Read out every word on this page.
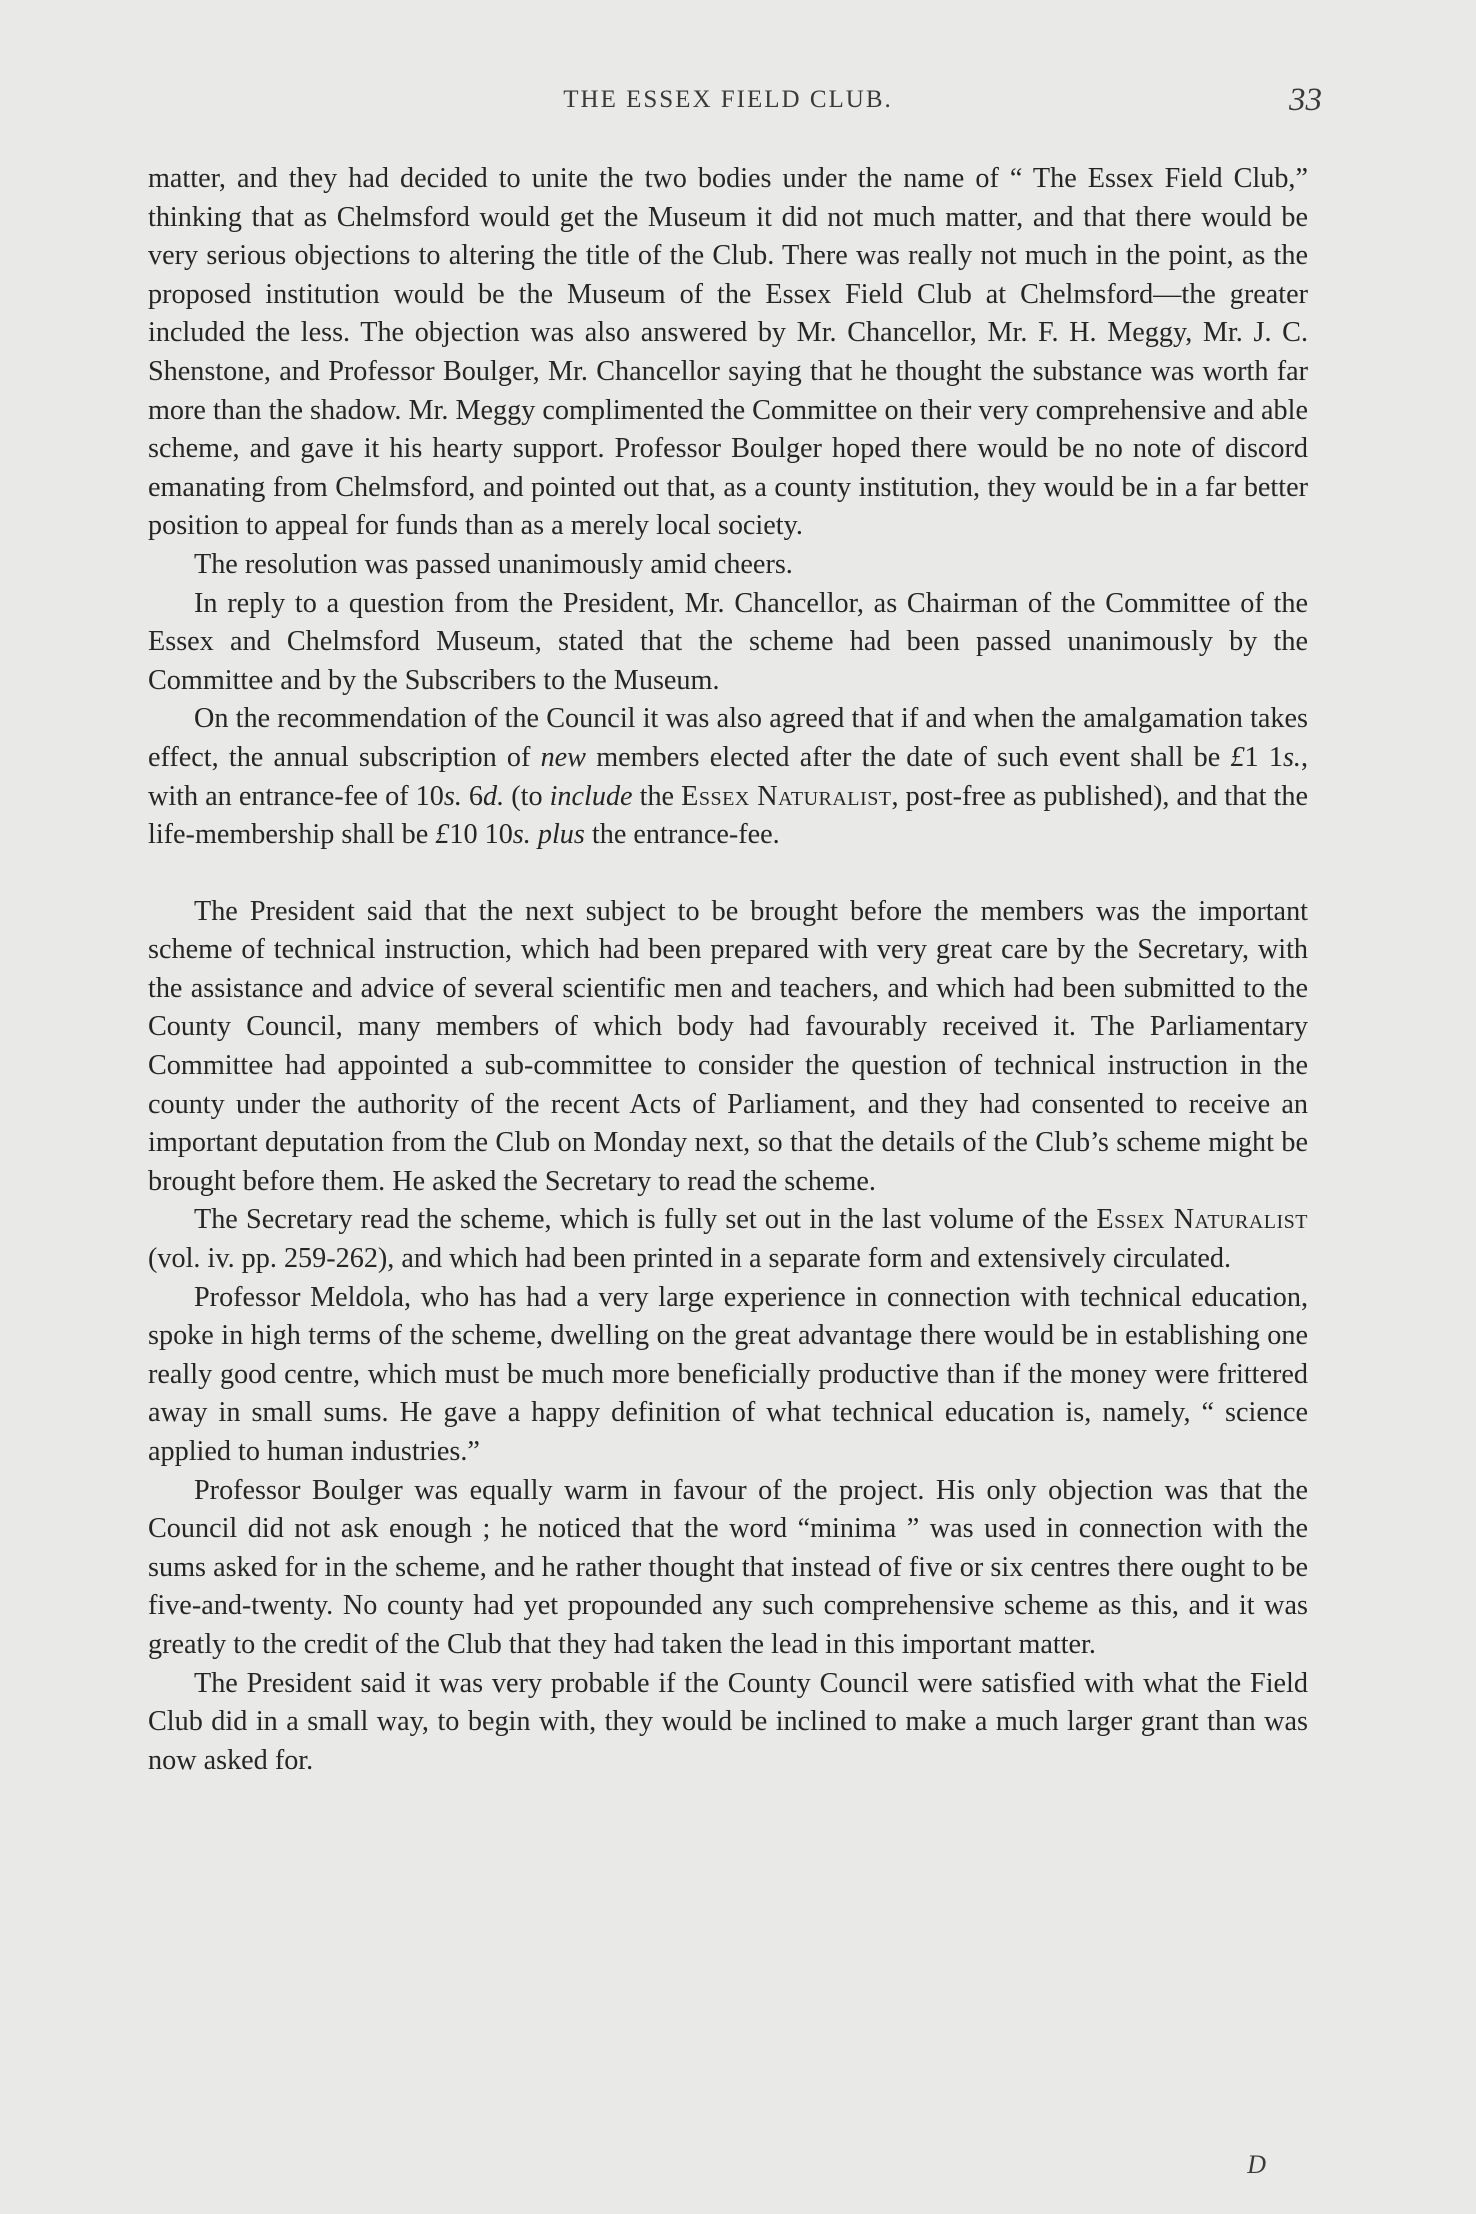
THE ESSEX FIELD CLUB.	33

matter, and they had decided to unite the two bodies under the name of “ The Essex Field Club,” thinking that as Chelmsford would get the Museum it did not much matter, and that there would be very serious objections to altering the title of the Club. There was really not much in the point, as the proposed institution would be the Museum of the Essex Field Club at Chelmsford—the greater included the less. The objection was also answered by Mr. Chancellor, Mr. F. H. Meggy, Mr. J. C. Shenstone, and Professor Boulger, Mr. Chancellor saying that he thought the substance was worth far more than the shadow. Mr. Meggy complimented the Committee on their very comprehensive and able scheme, and gave it his hearty support. Professor Boulger hoped there would be no note of discord emanating from Chelmsford, and pointed out that, as a county institution, they would be in a far better position to appeal for funds than as a merely local society.

The resolution was passed unanimously amid cheers.

In reply to a question from the President, Mr. Chancellor, as Chairman of the Committee of the Essex and Chelmsford Museum, stated that the scheme had been passed unanimously by the Committee and by the Subscribers to the Museum.

On the recommendation of the Council it was also agreed that if and when the amalgamation takes effect, the annual subscription of new members elected after the date of such event shall be £1 1s., with an entrance-fee of 10s. 6d. (to include the Essex Naturalist, post-free as published), and that the life-membership shall be £10 10s. plus the entrance-fee.

The President said that the next subject to be brought before the members was the important scheme of technical instruction, which had been prepared with very great care by the Secretary, with the assistance and advice of several scientific men and teachers, and which had been submitted to the County Council, many members of which body had favourably received it. The Parliamentary Committee had appointed a sub-committee to consider the question of technical instruction in the county under the authority of the recent Acts of Parliament, and they had consented to receive an important deputation from the Club on Monday next, so that the details of the Club’s scheme might be brought before them. He asked the Secretary to read the scheme.

The Secretary read the scheme, which is fully set out in the last volume of the Essex Naturalist (vol. iv. pp. 259-262), and which had been printed in a separate form and extensively circulated.

Professor Meldola, who has had a very large experience in connection with technical education, spoke in high terms of the scheme, dwelling on the great advantage there would be in establishing one really good centre, which must be much more beneficially productive than if the money were frittered away in small sums. He gave a happy definition of what technical education is, namely, “ science applied to human industries.”

Professor Boulger was equally warm in favour of the project. His only objection was that the Council did not ask enough ; he noticed that the word “minima ” was used in connection with the sums asked for in the scheme, and he rather thought that instead of five or six centres there ought to be five-and-twenty. No county had yet propounded any such comprehensive scheme as this, and it was greatly to the credit of the Club that they had taken the lead in this important matter.

The President said it was very probable if the County Council were satisfied with what the Field Club did in a small way, to begin with, they would be inclined to make a much larger grant than was now asked for.

D
